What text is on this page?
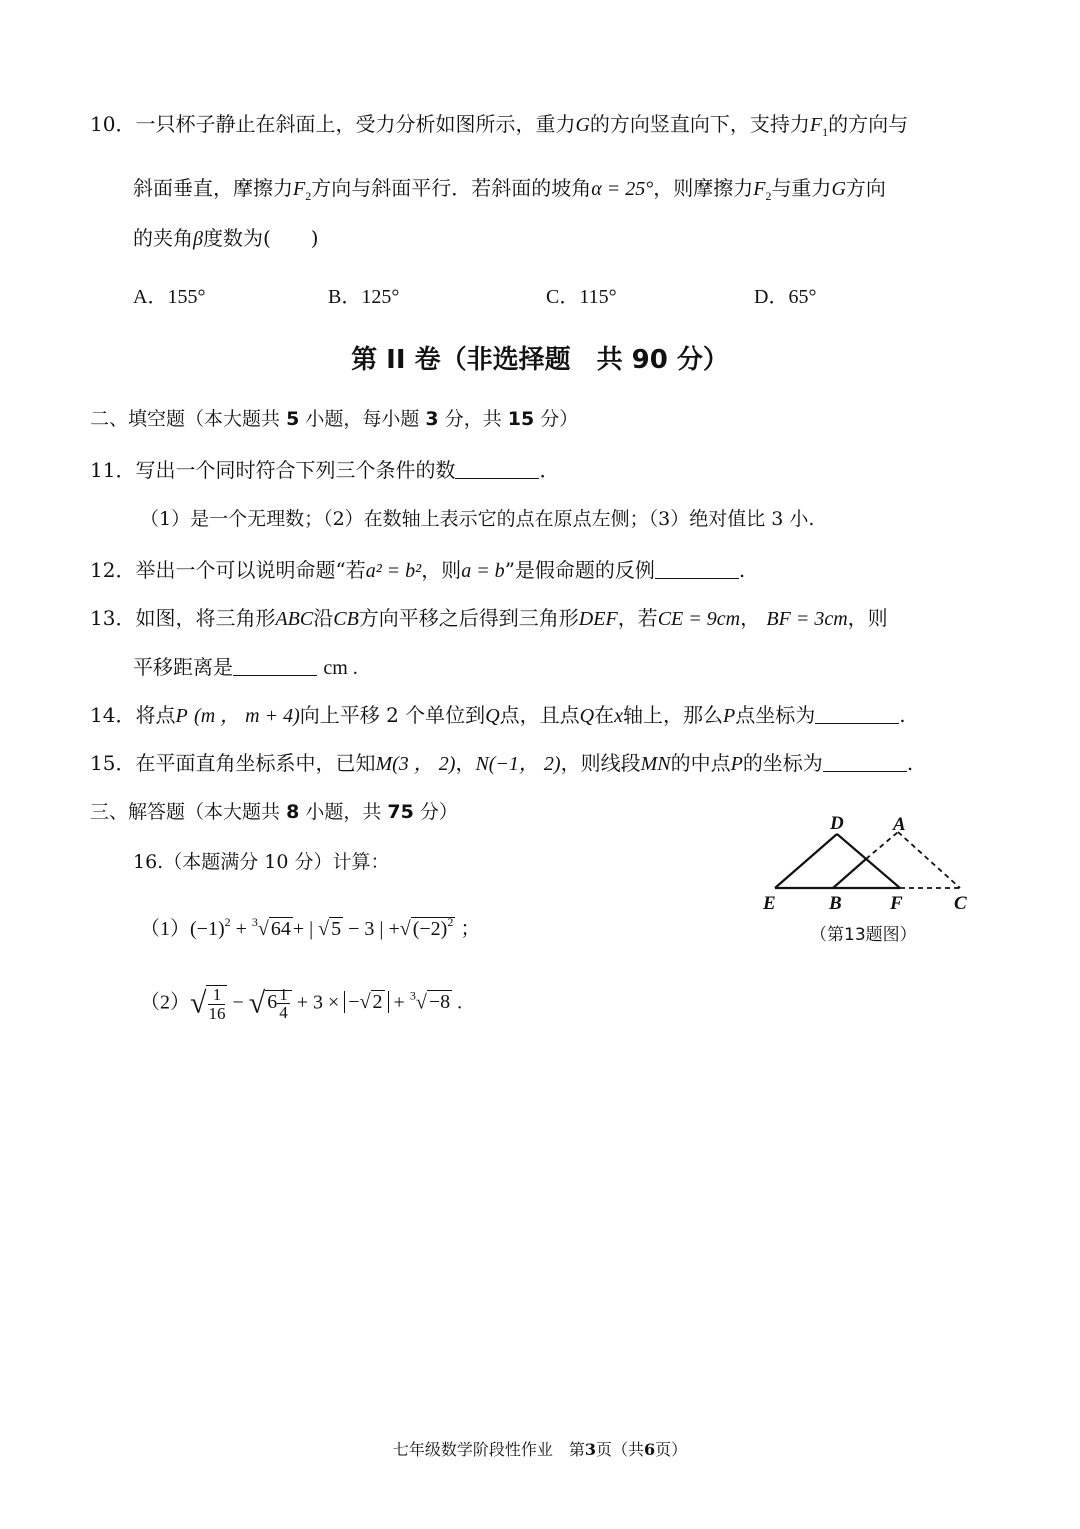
10．一只杯子静止在斜面上，受力分析如图所示，重力G的方向竖直向下，支持力$F_1$的方向与
斜面垂直，摩擦力$F_2$方向与斜面平行．若斜面的坡角α = 25°，则摩擦力$F_2$与重力G方向
的夹角β度数为(　　)
A．155°	B．125°	C．115°	D．65°
第 II 卷（非选择题　共 90 分）
二、填空题（本大题共 5 小题，每小题 3 分，共 15 分）
11．写出一个同时符合下列三个条件的数	．
（1）是一个无理数；（2）在数轴上表示它的点在原点左侧；（3）绝对值比 3 小.
12．举出一个可以说明命题“若a² = b²，则a = b”是假命题的反例	.
13．如图，将三角形ABC沿CB方向平移之后得到三角形DEF，若CE = 9cm， BF = 3cm，则
平移距离是	cm .
14．将点P (m ， m + 4)向上平移 2 个单位到Q点，且点Q在x轴上，那么P点坐标为	.
15．在平面直角坐标系中，已知M(3 ， 2)，N(−1， 2)，则线段MN的中点P的坐标为	.
三、解答题（本大题共 8 小题，共 75 分）
16.（本题满分 10 分）计算：
$(1)(-1)^2 + ^3√$ 64 + | √ 5 − 3 | +√ $(-2)^2$ ；
$(2)√ \frac{1}{16}$ − √ $6 \frac{1}{4} + 3$ × −√ 2 + $^3$√ −8 .
D	A
E	B	F	C
（第13题图）
七年级数学阶段性作业　第3页（共6页）
